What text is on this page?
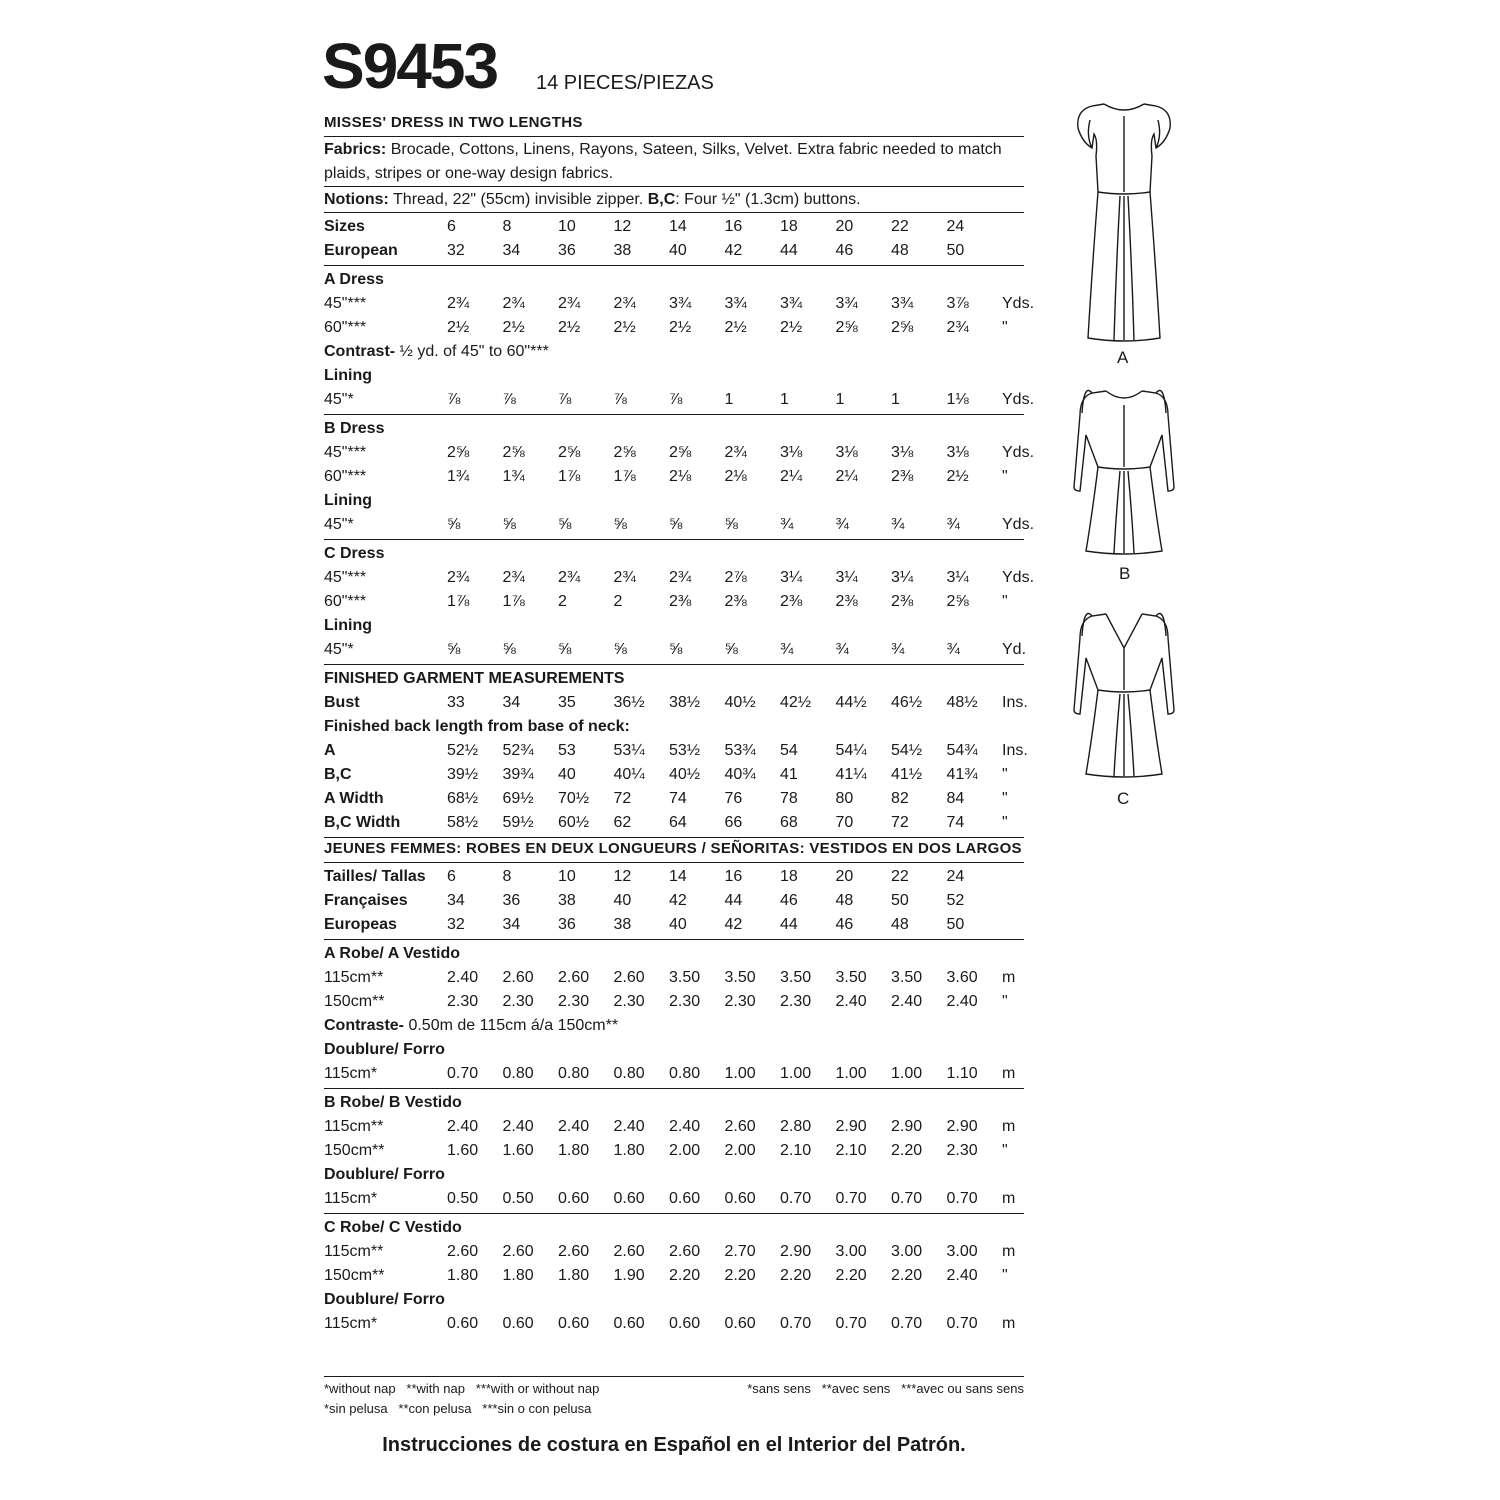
S9453 14 PIECES/PIEZAS
MISSES' DRESS IN TWO LENGTHS
Fabrics: Brocade, Cottons, Linens, Rayons, Sateen, Silks, Velvet. Extra fabric needed to match plaids, stripes or one-way design fabrics.
Notions: Thread, 22" (55cm) invisible zipper. B,C: Four ½" (1.3cm) buttons.
Sizes	6	8	10	12	14	16	18	20	22	24
European	32	34	36	38	40	42	44	46	48	50
A Dress
45"***	2¾	2¾	2¾	2¾	3¾	3¾	3¾	3¾	3¾	3⅞	Yds.
60"***	2½	2½	2½	2½	2½	2½	2½	2⅝	2⅝	2¾	"
Contrast- ½ yd. of 45" to 60"***
Lining
45"*	⅞	⅞	⅞	⅞	⅞	1	1	1	1	1⅛	Yds.
B Dress
45"***	2⅝	2⅝	2⅝	2⅝	2⅝	2¾	3⅛	3⅛	3⅛	3⅛	Yds.
60"***	1¾	1¾	1⅞	1⅞	2⅛	2⅛	2¼	2¼	2⅜	2½	"
Lining
45"*	⅝	⅝	⅝	⅝	⅝	⅝	¾	¾	¾	¾	Yds.
C Dress
45"***	2¾	2¾	2¾	2¾	2¾	2⅞	3¼	3¼	3¼	3¼	Yds.
60"***	1⅞	1⅞	2	2	2⅜	2⅜	2⅜	2⅜	2⅜	2⅝	"
Lining
45"*	⅝	⅝	⅝	⅝	⅝	⅝	¾	¾	¾	¾	Yd.
FINISHED GARMENT MEASUREMENTS
Bust	33	34	35	36½	38½	40½	42½	44½	46½	48½	Ins.
Finished back length from base of neck:
A	52½	52¾	53	53¼	53½	53¾	54	54¼	54½	54¾	Ins.
B,C	39½	39¾	40	40¼	40½	40¾	41	41¼	41½	41¾	"
A Width	68½	69½	70½	72	74	76	78	80	82	84	"
B,C Width	58½	59½	60½	62	64	66	68	70	72	74	"
JEUNES FEMMES: ROBES EN DEUX LONGUEURS / SEÑORITAS: VESTIDOS EN DOS LARGOS
Tailles/ Tallas	6	8	10	12	14	16	18	20	22	24
Françaises	34	36	38	40	42	44	46	48	50	52
Europeas	32	34	36	38	40	42	44	46	48	50
A Robe/ A Vestido
115cm**	2.40	2.60	2.60	2.60	3.50	3.50	3.50	3.50	3.50	3.60	m
150cm**	2.30	2.30	2.30	2.30	2.30	2.30	2.30	2.40	2.40	2.40	"
Contraste- 0.50m de 115cm á/a 150cm**
Doublure/ Forro
115cm*	0.70	0.80	0.80	0.80	0.80	1.00	1.00	1.00	1.00	1.10	m
B Robe/ B Vestido
115cm**	2.40	2.40	2.40	2.40	2.40	2.60	2.80	2.90	2.90	2.90	m
150cm**	1.60	1.60	1.80	1.80	2.00	2.00	2.10	2.10	2.20	2.30	"
Doublure/ Forro
115cm*	0.50	0.50	0.60	0.60	0.60	0.60	0.70	0.70	0.70	0.70	m
C Robe/ C Vestido
115cm**	2.60	2.60	2.60	2.60	2.60	2.70	2.90	3.00	3.00	3.00	m
150cm**	1.80	1.80	1.80	1.90	2.20	2.20	2.20	2.20	2.20	2.40	"
Doublure/ Forro
115cm*	0.60	0.60	0.60	0.60	0.60	0.60	0.70	0.70	0.70	0.70	m
*without nap   **with nap   ***with or without nap	*sans sens   **avec sens   ***avec ou sans sens
*sin pelusa   **con pelusa   ***sin o con pelusa
Instrucciones de costura en Español en el Interior del Patrón.
A
B
C
